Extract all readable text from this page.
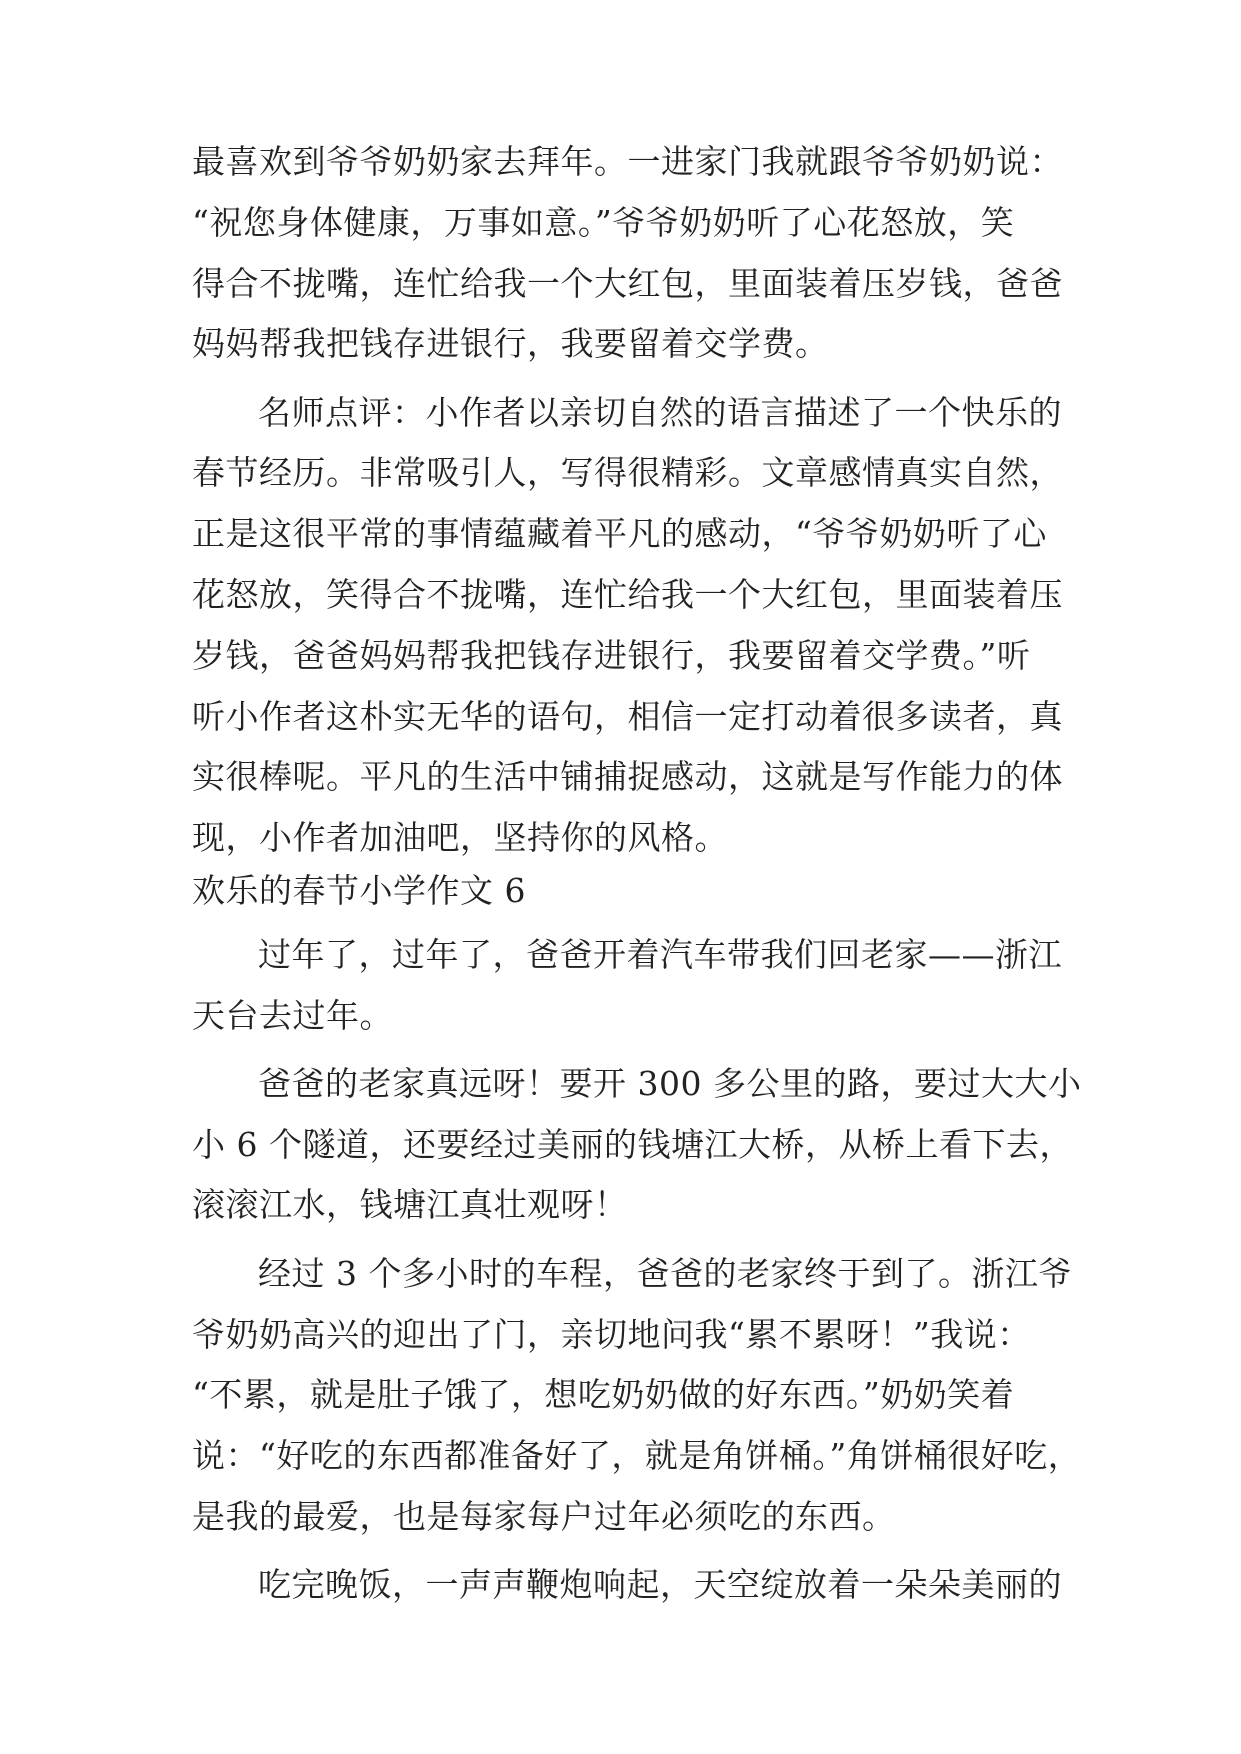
最喜欢到爷爷奶奶家去拜年。一进家门我就跟爷爷奶奶说：
“祝您身体健康，万事如意。”爷爷奶奶听了心花怒放，笑
得合不拢嘴，连忙给我一个大红包，里面装着压岁钱，爸爸
妈妈帮我把钱存进银行，我要留着交学费。
名师点评：小作者以亲切自然的语言描述了一个快乐的
春节经历。非常吸引人，写得很精彩。文章感情真实自然，
正是这很平常的事情蕴藏着平凡的感动，“爷爷奶奶听了心
花怒放，笑得合不拢嘴，连忙给我一个大红包，里面装着压
岁钱，爸爸妈妈帮我把钱存进银行，我要留着交学费。”听
听小作者这朴实无华的语句，相信一定打动着很多读者，真
实很棒呢。平凡的生活中铺捕捉感动，这就是写作能力的体
现，小作者加油吧，坚持你的风格。
欢乐的春节小学作文 6
过年了，过年了，爸爸开着汽车带我们回老家——浙江
天台去过年。
爸爸的老家真远呀！要开 300 多公里的路，要过大大小
小 6 个隧道，还要经过美丽的钱塘江大桥，从桥上看下去，
滚滚江水，钱塘江真壮观呀！
经过 3 个多小时的车程，爸爸的老家终于到了。浙江爷
爷奶奶高兴的迎出了门，亲切地问我“累不累呀！”我说：
“不累，就是肚子饿了，想吃奶奶做的好东西。”奶奶笑着
说：“好吃的东西都准备好了，就是角饼桶。”角饼桶很好吃，
是我的最爱，也是每家每户过年必须吃的东西。
吃完晚饭，一声声鞭炮响起，天空绽放着一朵朵美丽的
